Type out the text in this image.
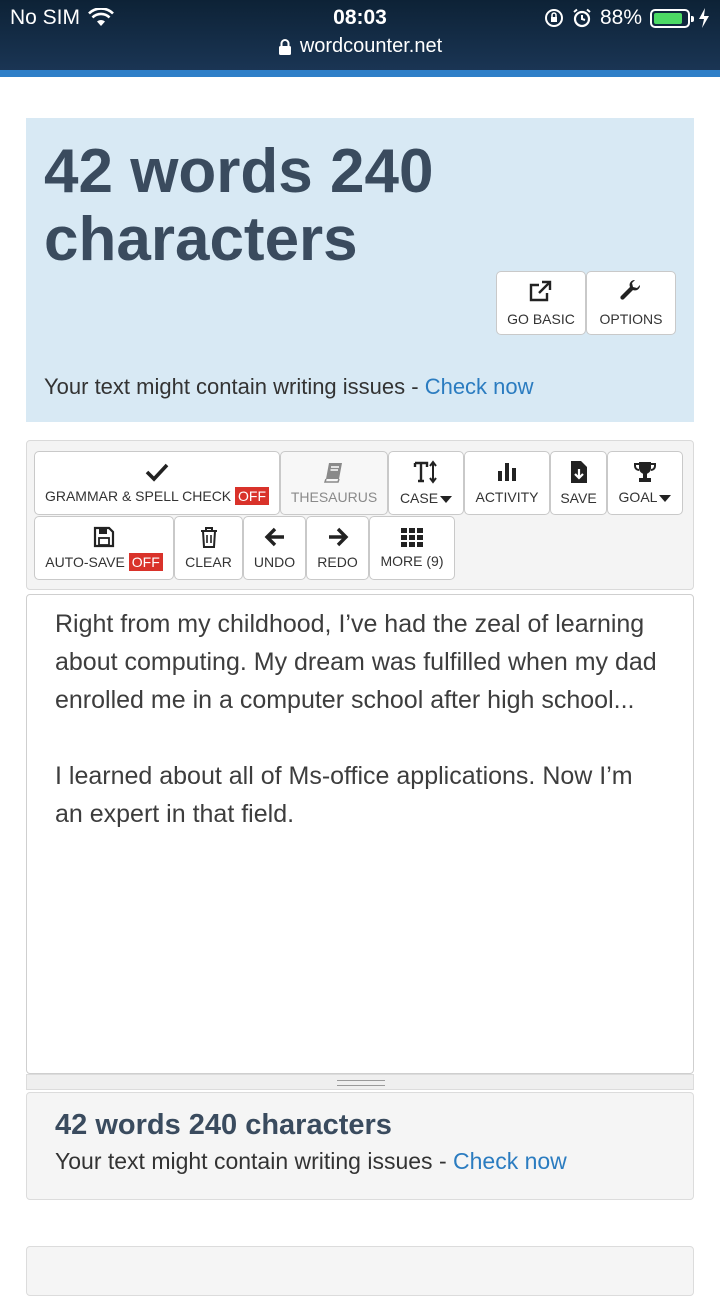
No SIM	08:03	88%
wordcounter.net
42 words 240 characters
GO BASIC OPTIONS
Your text might contain writing issues - Check now
GRAMMAR & SPELL CHECK OFF THESAURUS CASE	ACTIVITY SAVE GOAL
AUTO-SAVE OFF CLEAR UNDO REDO MORE (9)

Right from my childhood, I’ve had the zeal of learning about computing. My dream was fulfilled when my dad enrolled me in a computer school after high school...

I learned about all of Ms-office applications. Now I’m an expert in that field.

42 words 240 characters
Your text might contain writing issues - Check now
